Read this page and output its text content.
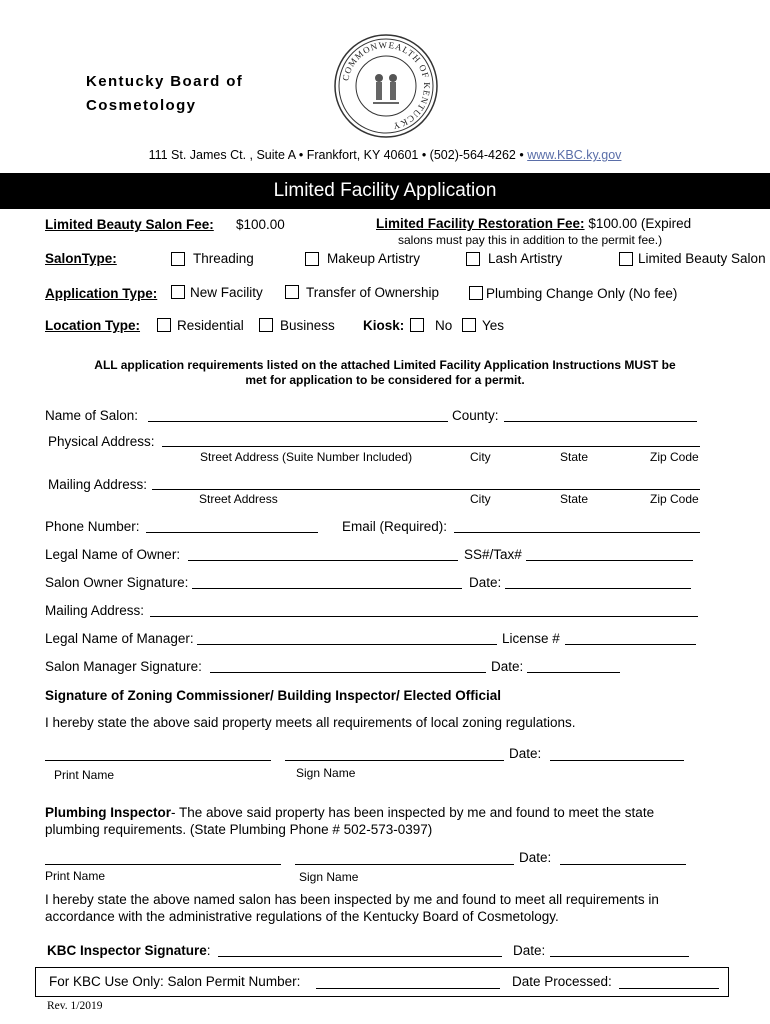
Kentucky Board of
Cosmetology
COMMONWEALTH OF KENTUCKY
111 St. James Ct. , Suite A • Frankfort, KY 40601 • (502)-564-4262 • www.KBC.ky.gov
Limited Facility Application
Limited Beauty Salon Fee: $100.00	Limited Facility Restoration Fee: $100.00 (Expired
salons must pay this in addition to the permit fee.)
SalonType:	Threading	Makeup Artistry	Lash Artistry	Limited Beauty Salon
Application Type: New Facility	Transfer of Ownership	Plumbing Change Only (No fee)
Location Type:	Residential	Business Kiosk: No Yes
ALL application requirements listed on the attached Limited Facility Application Instructions MUST be
met for application to be considered for a permit.
Name of Salon:	County:
Physical Address:
Street Address (Suite Number Included)	City	State	Zip Code
Mailing Address:
Street Address	City	State	Zip Code
Phone Number:	Email (Required):
Legal Name of Owner:	SS#/Tax#
Salon Owner Signature:	Date:
Mailing Address:
Legal Name of Manager:	License #
Salon Manager Signature:	Date:
Signature of Zoning Commissioner/ Building Inspector/ Elected Official
I hereby state the above said property meets all requirements of local zoning regulations.
Date:
Print Name	Sign Name
Plumbing Inspector- The above said property has been inspected by me and found to meet the state
plumbing requirements. (State Plumbing Phone # 502-573-0397)
Date:
Print Name	Sign Name
I hereby state the above named salon has been inspected by me and found to meet all requirements in
accordance with the administrative regulations of the Kentucky Board of Cosmetology.
KBC Inspector Signature:	Date:
For KBC Use Only: Salon Permit Number:	Date Processed:
Rev. 1/2019
